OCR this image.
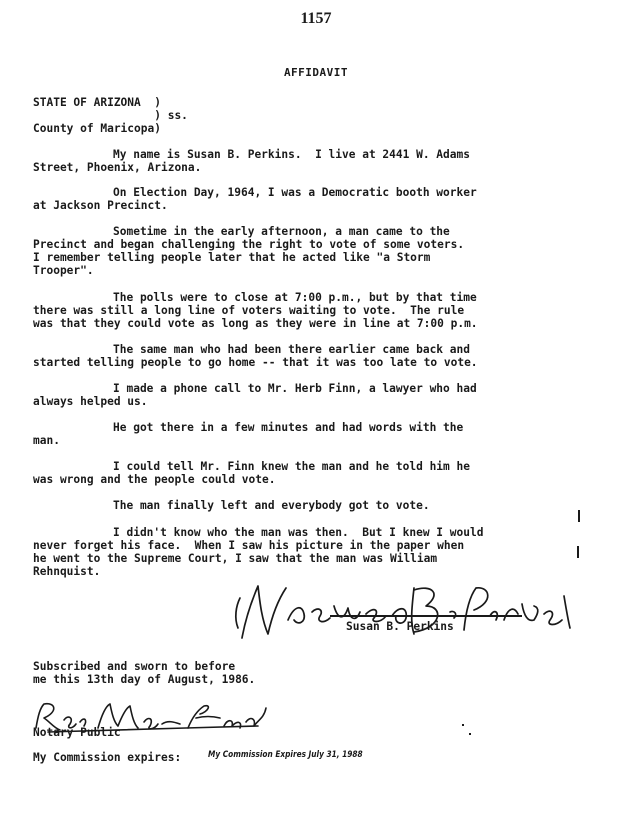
1157
AFFIDAVIT
STATE OF ARIZONA  )
) ss.
County of Maricopa)
My name is Susan B. Perkins.  I live at 2441 W. Adams
Street, Phoenix, Arizona.
On Election Day, 1964, I was a Democratic booth worker
at Jackson Precinct.
Sometime in the early afternoon, a man came to the
Precinct and began challenging the right to vote of some voters.
I remember telling people later that he acted like "a Storm
Trooper".
The polls were to close at 7:00 p.m., but by that time
there was still a long line of voters waiting to vote.  The rule
was that they could vote as long as they were in line at 7:00 p.m.
The same man who had been there earlier came back and
started telling people to go home -- that it was too late to vote.
I made a phone call to Mr. Herb Finn, a lawyer who had
always helped us.
He got there in a few minutes and had words with the
man.
I could tell Mr. Finn knew the man and he told him he
was wrong and the people could vote.
The man finally left and everybody got to vote.
I didn't know who the man was then.  But I knew I would
never forget his face.  When I saw his picture in the paper when
he went to the Supreme Court, I saw that the man was William
Rehnquist.
Susan B. Perkins
Subscribed and sworn to before
me this 13th day of August, 1986.
Notary Public
My Commission expires:	My Commission Expires July 31, 1988
